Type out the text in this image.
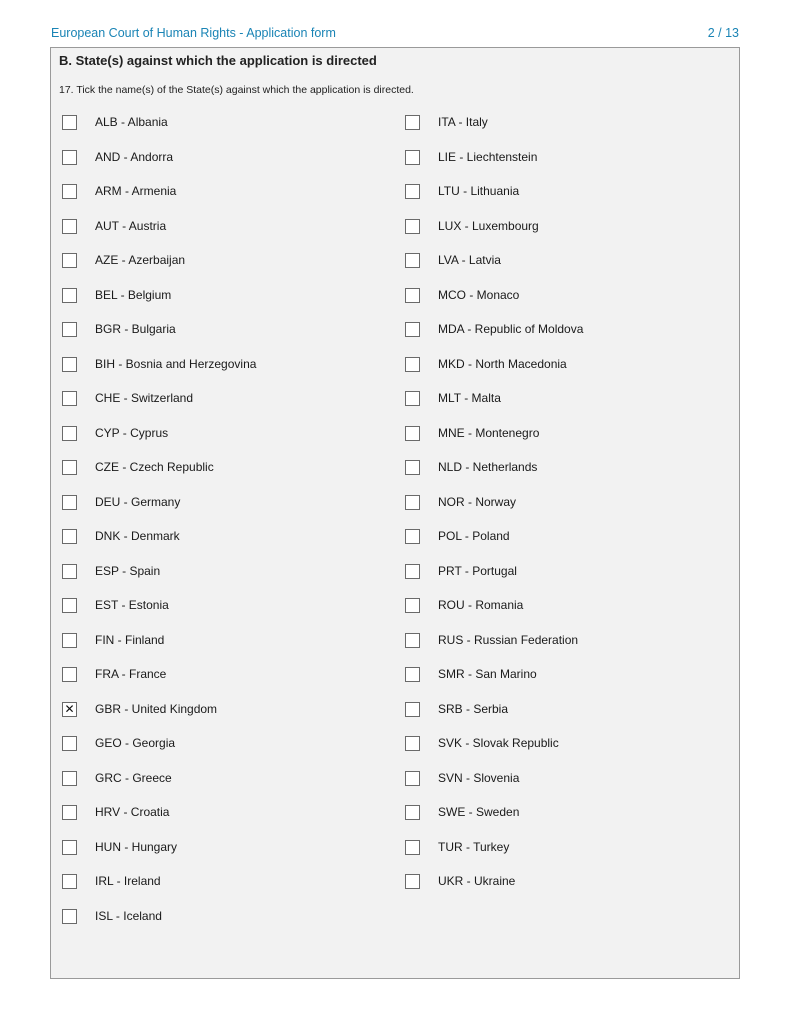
European Court of Human Rights - Application form	2 / 13
B. State(s) against which the application is directed
17. Tick the name(s) of the State(s) against which the application is directed.
ALB - Albania
AND - Andorra
ARM - Armenia
AUT - Austria
AZE - Azerbaijan
BEL - Belgium
BGR - Bulgaria
BIH - Bosnia and Herzegovina
CHE - Switzerland
CYP - Cyprus
CZE - Czech Republic
DEU - Germany
DNK - Denmark
ESP - Spain
EST - Estonia
FIN - Finland
FRA - France
✕ GBR - United Kingdom
GEO - Georgia
GRC - Greece
HRV - Croatia
HUN - Hungary
IRL - Ireland
ISL - Iceland
ITA - Italy
LIE - Liechtenstein
LTU - Lithuania
LUX - Luxembourg
LVA - Latvia
MCO - Monaco
MDA - Republic of Moldova
MKD - North Macedonia
MLT - Malta
MNE - Montenegro
NLD - Netherlands
NOR - Norway
POL - Poland
PRT - Portugal
ROU - Romania
RUS - Russian Federation
SMR - San Marino
SRB - Serbia
SVK - Slovak Republic
SVN - Slovenia
SWE - Sweden
TUR - Turkey
UKR - Ukraine
